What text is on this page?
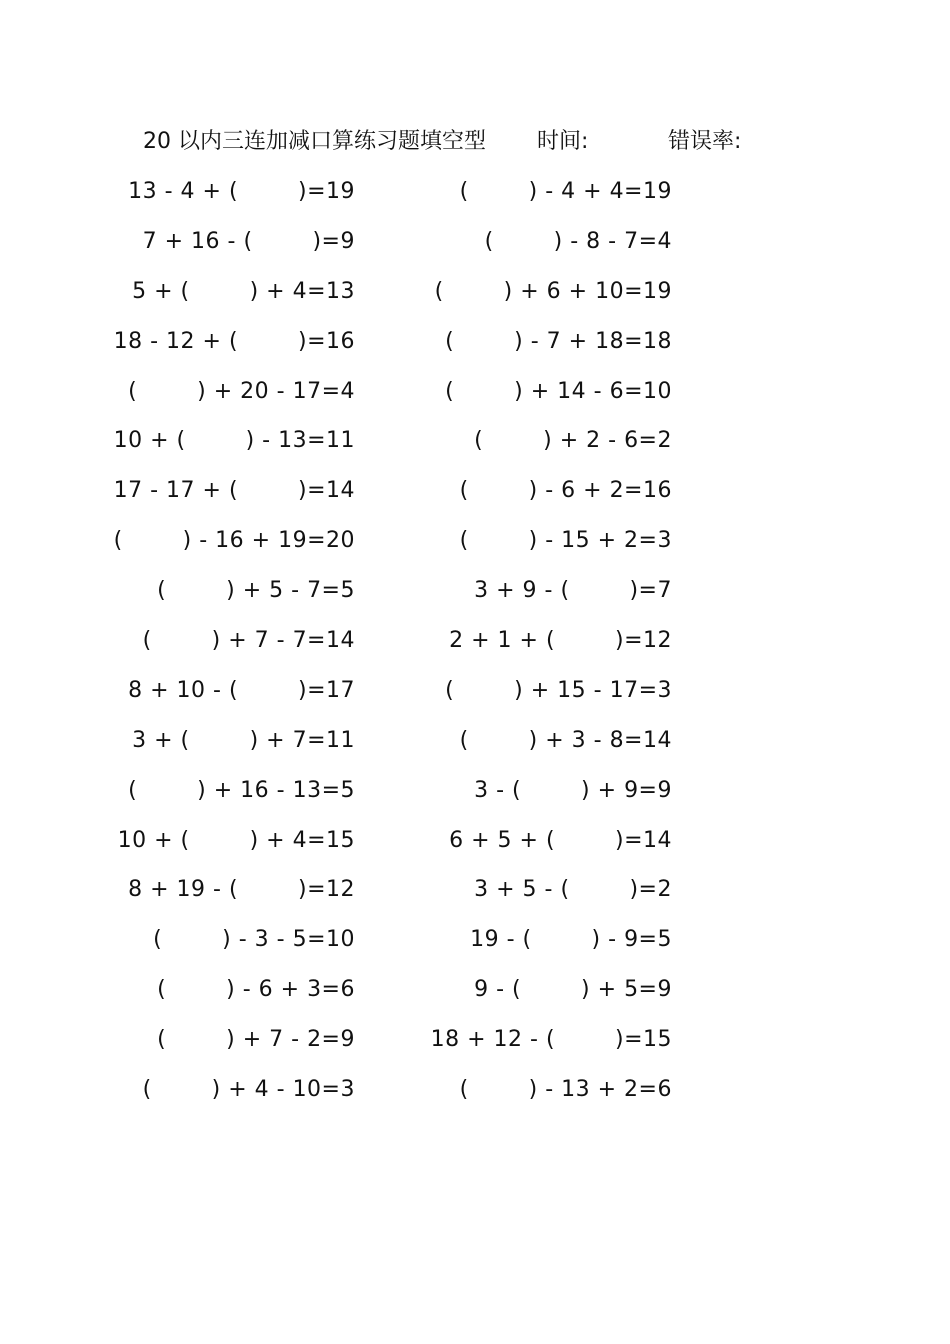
20 以内三连加减口算练习题填空型 时间:	错误率:
13 - 4 + (        )=19	(        ) - 4 + 4=19
7 + 16 - (        )=9	(        ) - 8 - 7=4
5 + (        ) + 4=13	(        ) + 6 + 10=19
18 - 12 + (        )=16	(        ) - 7 + 18=18
(        ) + 20 - 17=4	(        ) + 14 - 6=10
10 + (        ) - 13=11	(        ) + 2 - 6=2
17 - 17 + (        )=14	(        ) - 6 + 2=16
(        ) - 16 + 19=20	(        ) - 15 + 2=3
(        ) + 5 - 7=5	3 + 9 - (        )=7
(        ) + 7 - 7=14	2 + 1 + (        )=12
8 + 10 - (        )=17	(        ) + 15 - 17=3
3 + (        ) + 7=11	(        ) + 3 - 8=14
(        ) + 16 - 13=5	3 - (        ) + 9=9
10 + (        ) + 4=15	6 + 5 + (        )=14
8 + 19 - (        )=12	3 + 5 - (        )=2
(        ) - 3 - 5=10	19 - (        ) - 9=5
(        ) - 6 + 3=6	9 - (        ) + 5=9
(        ) + 7 - 2=9	18 + 12 - (        )=15
(        ) + 4 - 10=3	(        ) - 13 + 2=6
